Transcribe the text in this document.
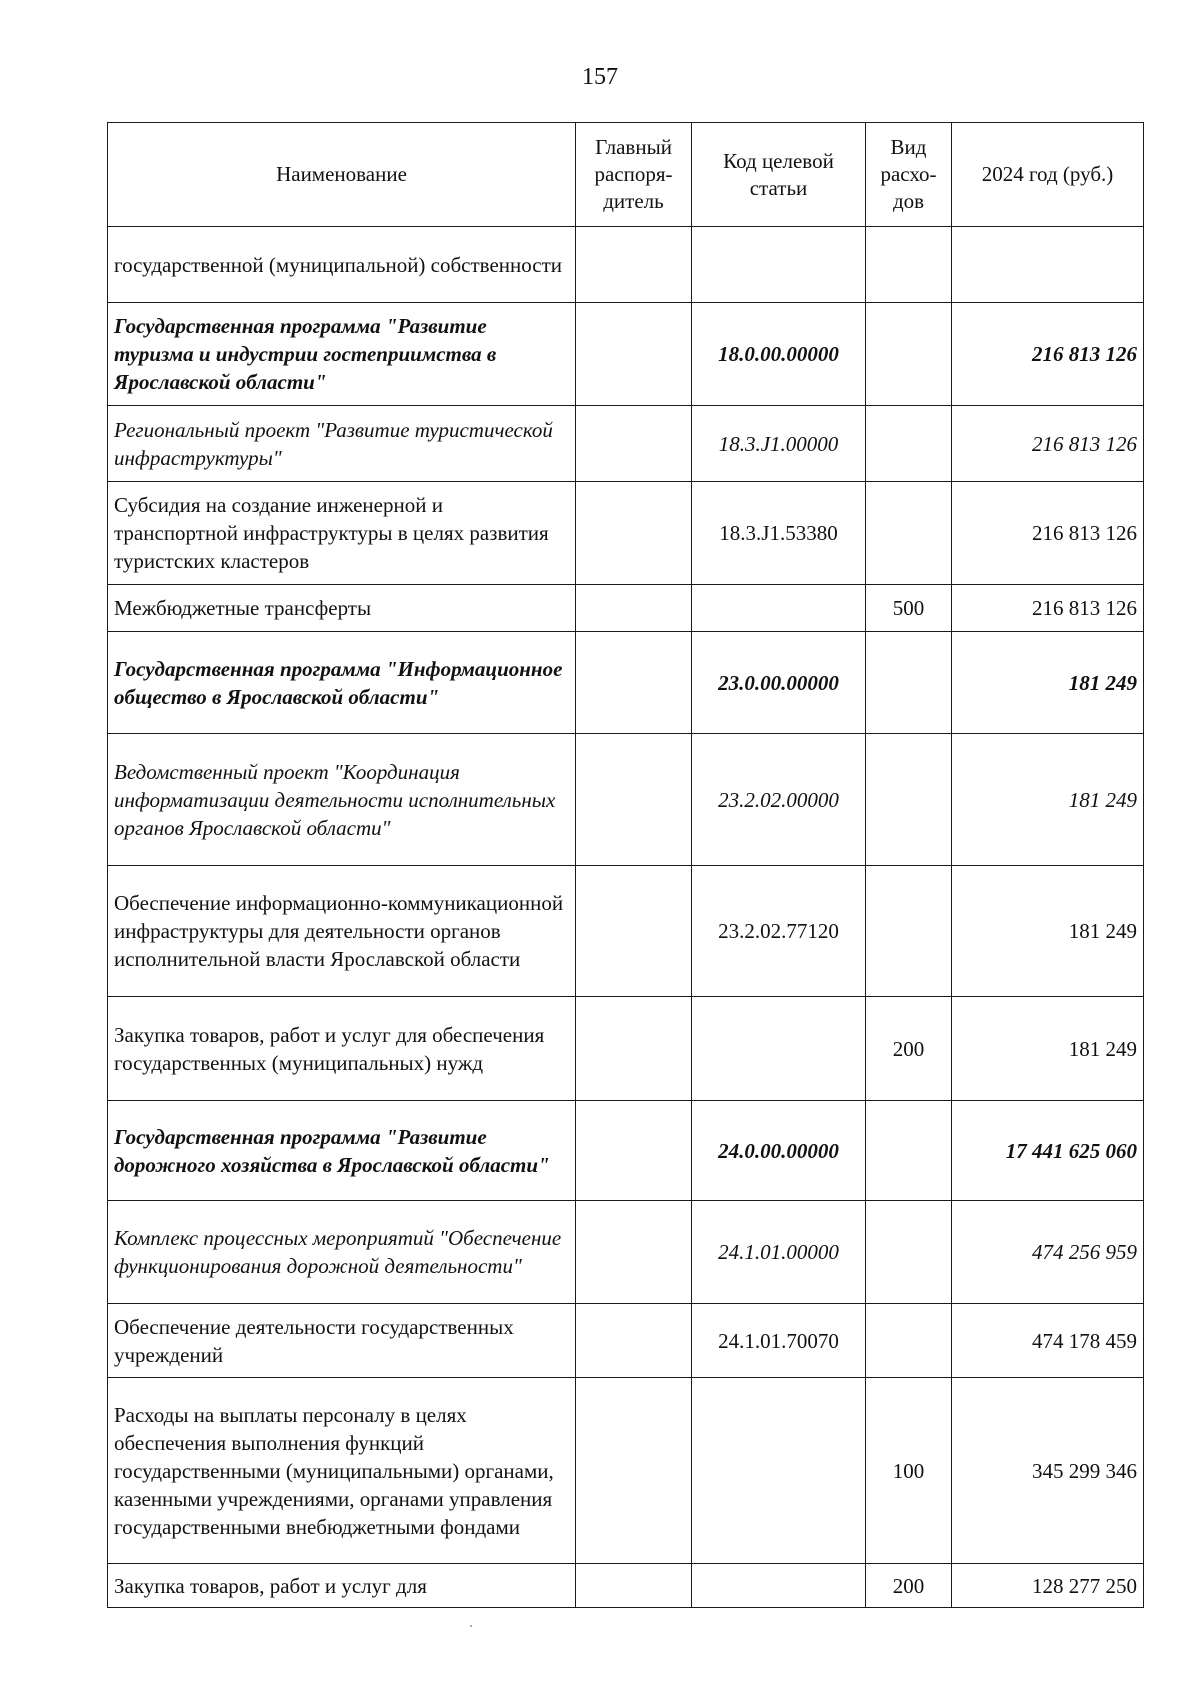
157
Наименование	Главный распоря-дитель	Код целевой статьи	Вид расхо-дов	2024 год (руб.)
государственной (муниципальной) собственности				
Государственная программа "Развитие туризма и индустрии гостеприимства в Ярославской области"		18.0.00.00000		216 813 126
Региональный проект "Развитие туристической инфраструктуры"		18.3.J1.00000		216 813 126
Субсидия на создание инженерной и транспортной инфраструктуры в целях развития туристских кластеров		18.3.J1.53380		216 813 126
Межбюджетные трансферты			500	216 813 126
Государственная программа "Информационное общество в Ярославской области"		23.0.00.00000		181 249
Ведомственный проект "Координация информатизации деятельности исполнительных органов Ярославской области"		23.2.02.00000		181 249
Обеспечение информационно-коммуникационной инфраструктуры для деятельности органов исполнительной власти Ярославской области		23.2.02.77120		181 249
Закупка товаров, работ и услуг для обеспечения государственных (муниципальных) нужд			200	181 249
Государственная программа "Развитие дорожного хозяйства в Ярославской области"		24.0.00.00000		17 441 625 060
Комплекс процессных мероприятий "Обеспечение функционирования дорожной деятельности"		24.1.01.00000		474 256 959
Обеспечение деятельности государственных учреждений		24.1.01.70070		474 178 459
Расходы на выплаты персоналу в целях обеспечения выполнения функций государственными (муниципальными) органами, казенными учреждениями, органами управления государственными внебюджетными фондами			100	345 299 346
Закупка товаров, работ и услуг для			200	128 277 250
